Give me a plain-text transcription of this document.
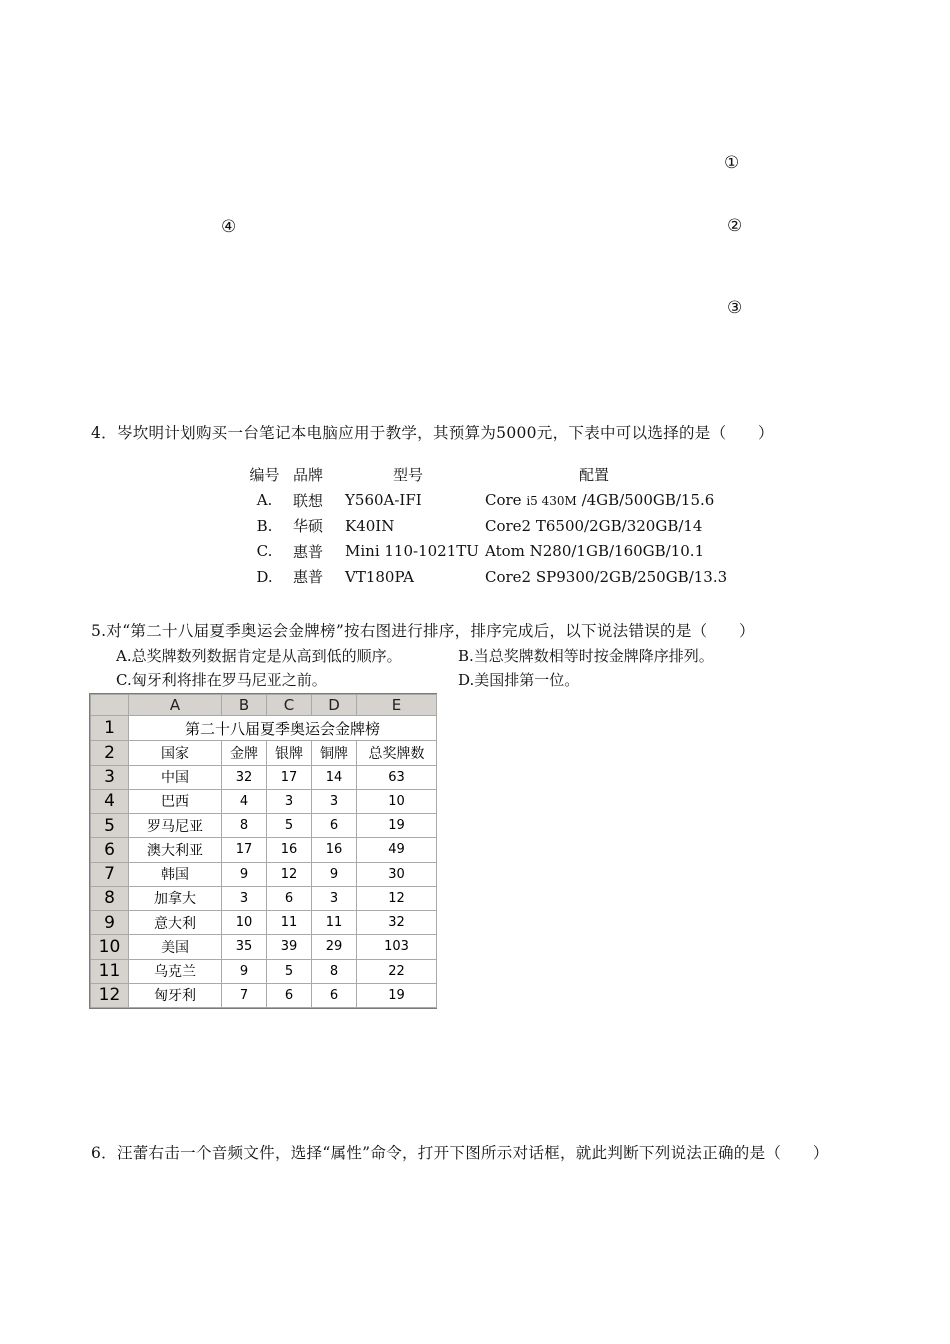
①
②
③
④
4．岑坎明计划购买一台笔记本电脑应用于教学，其预算为5000元，下表中可以选择的是（　　）
编号	品牌	型号	配置
A.	联想	Y560A-IFI	Core i5 430M /4GB/500GB/15.6
B.	华硕	K40IN	Core2 T6500/2GB/320GB/14
C.	惠普	Mini 110-1021TU	Atom N280/1GB/160GB/10.1
D.	惠普	VT180PA	Core2 SP9300/2GB/250GB/13.3
5.对“第二十八届夏季奥运会金牌榜”按右图进行排序，排序完成后，以下说法错误的是（　　）
A.总奖牌数列数据肯定是从高到低的顺序。	B.当总奖牌数相等时按金牌降序排列。
C.匈牙利将排在罗马尼亚之前。	D.美国排第一位。
	A	B	C	D	E
1	第二十八届夏季奥运会金牌榜				
2	国家	金牌	银牌	铜牌	总奖牌数
3	中国	32	17	14	63
4	巴西	4	3	3	10
5	罗马尼亚	8	5	6	19
6	澳大利亚	17	16	16	49
7	韩国	9	12	9	30
8	加拿大	3	6	3	12
9	意大利	10	11	11	32
10	美国	35	39	29	103
11	乌克兰	9	5	8	22
12	匈牙利	7	6	6	19
6．汪蕾右击一个音频文件，选择“属性”命令，打开下图所示对话框，就此判断下列说法正确的是（　　）
